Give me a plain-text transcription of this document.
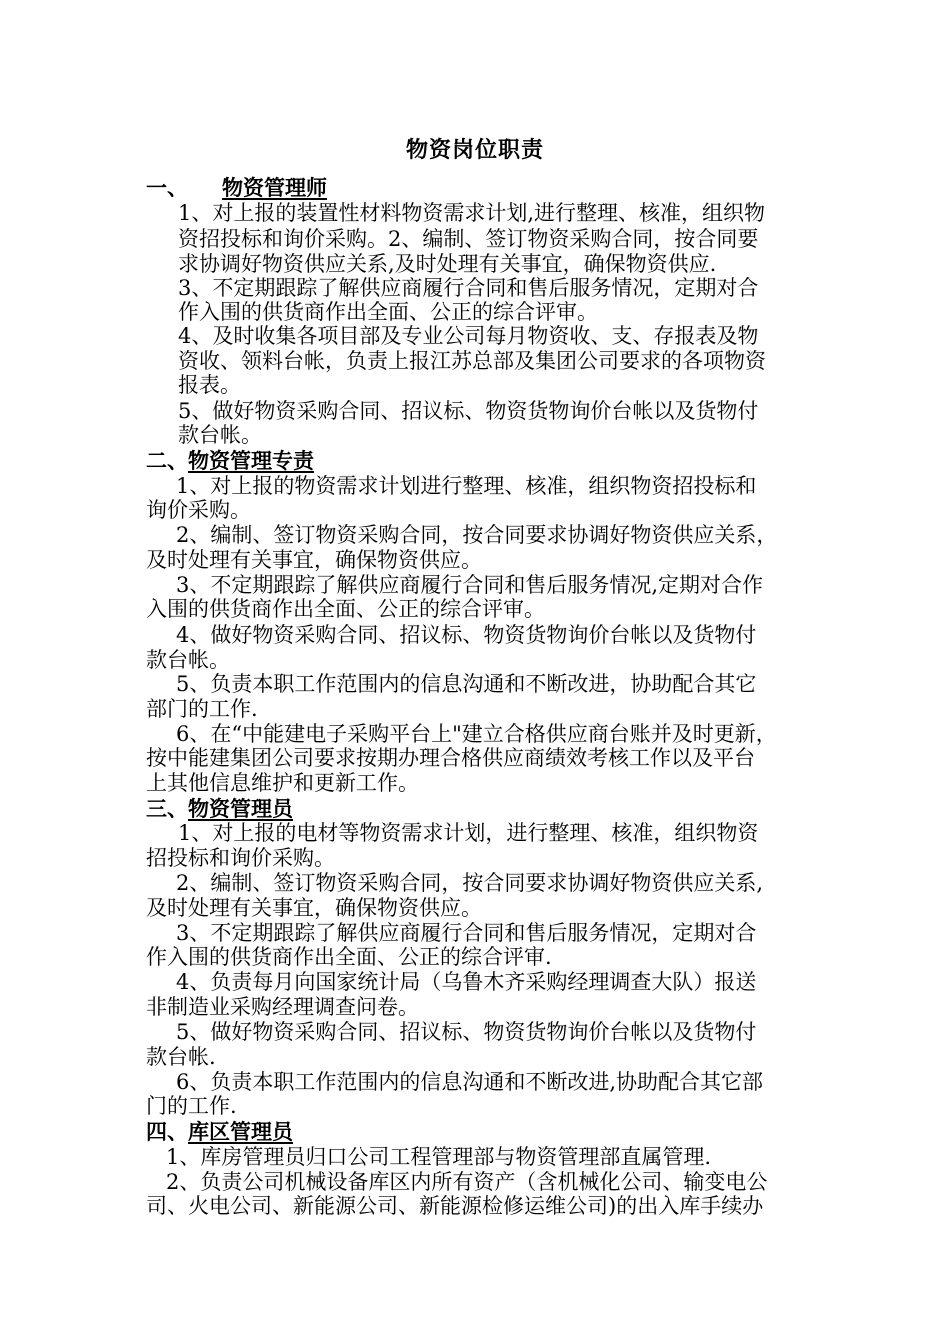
物资岗位职责
一、 物资管理师
1、对上报的装置性材料物资需求计划,进行整理、核准，组织物
资招投标和询价采购。2、编制、签订物资采购合同，按合同要
求协调好物资供应关系,及时处理有关事宜，确保物资供应.
3、不定期跟踪了解供应商履行合同和售后服务情况，定期对合
作入围的供货商作出全面、公正的综合评审。
4、及时收集各项目部及专业公司每月物资收、支、存报表及物
资收、领料台帐，负责上报江苏总部及集团公司要求的各项物资
报表。
5、做好物资采购合同、招议标、物资货物询价台帐以及货物付
款台帐。
二、物资管理专责
1、对上报的物资需求计划进行整理、核准，组织物资招投标和
询价采购。
2、编制、签订物资采购合同，按合同要求协调好物资供应关系，
及时处理有关事宜，确保物资供应。
3、不定期跟踪了解供应商履行合同和售后服务情况,定期对合作
入围的供货商作出全面、公正的综合评审。
4、做好物资采购合同、招议标、物资货物询价台帐以及货物付
款台帐。
5、负责本职工作范围内的信息沟通和不断改进，协助配合其它
部门的工作.
6、在“中能建电子采购平台上"建立合格供应商台账并及时更新，
按中能建集团公司要求按期办理合格供应商绩效考核工作以及平台
上其他信息维护和更新工作。
三、物资管理员
1、对上报的电材等物资需求计划，进行整理、核准，组织物资
招投标和询价采购。
2、编制、签订物资采购合同，按合同要求协调好物资供应关系,
及时处理有关事宜，确保物资供应。
3、不定期跟踪了解供应商履行合同和售后服务情况，定期对合
作入围的供货商作出全面、公正的综合评审.
4、负责每月向国家统计局（乌鲁木齐采购经理调查大队）报送
非制造业采购经理调查问卷。
5、做好物资采购合同、招议标、物资货物询价台帐以及货物付
款台帐.
6、负责本职工作范围内的信息沟通和不断改进,协助配合其它部
门的工作.
四、库区管理员
1、库房管理员归口公司工程管理部与物资管理部直属管理.
2、负责公司机械设备库区内所有资产（含机械化公司、输变电公
司、火电公司、新能源公司、新能源检修运维公司)的出入库手续办
